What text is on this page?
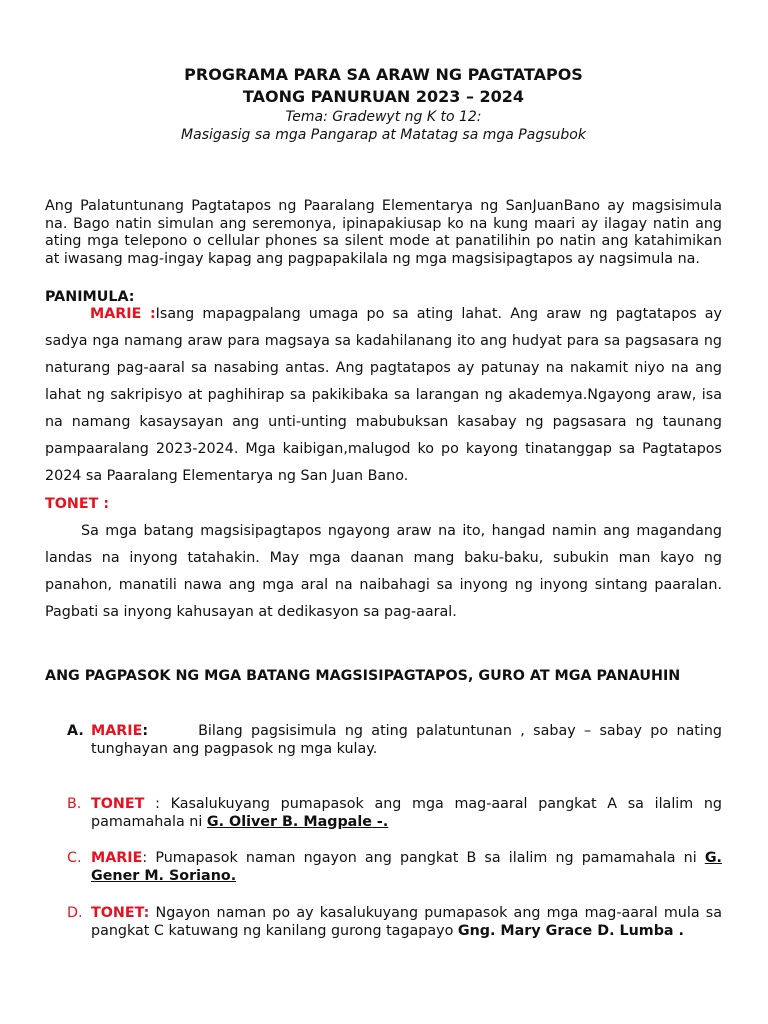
PROGRAMA PARA SA ARAW NG PAGTATAPOS
TAONG PANURUAN 2023 – 2024
Tema: Gradewyt ng K to 12:
Masigasig sa mga Pangarap at Matatag sa mga Pagsubok

Ang Palatuntunang Pagtatapos ng Paaralang Elementarya ng SanJuanBano ay magsisimula na. Bago natin simulan ang seremonya, ipinapakiusap ko na kung maari ay ilagay natin ang ating mga telepono o cellular phones sa silent mode at panatilihin po natin ang katahimikan at iwasang mag-ingay kapag ang pagpapakilala ng mga magsisipagtapos ay nagsimula na.

PANIMULA:

MARIE :Isang mapagpalang umaga po sa ating lahat. Ang araw ng pagtatapos ay sadya nga namang araw para magsaya sa kadahilanang ito ang hudyat para sa pagsasara ng naturang pag-aaral sa nasabing antas. Ang pagtatapos ay patunay na nakamit niyo na ang lahat ng sakripisyo at paghihirap sa pakikibaka sa larangan ng akademya.Ngayong araw, isa na namang kasaysayan ang unti-unting mabubuksan kasabay ng pagsasara ng taunang pampaaralang 2023-2024. Mga kaibigan,malugod ko po kayong tinatanggap sa Pagtatapos 2024 sa Paaralang Elementarya ng San Juan Bano.

TONET :

Sa mga batang magsisipagtapos ngayong araw na ito, hangad namin ang magandang landas na inyong tatahakin. May mga daanan mang baku-baku, subukin man kayo ng panahon, manatili nawa ang mga aral na naibahagi sa inyong ng inyong sintang paaralan. Pagbati sa inyong kahusayan at dedikasyon sa pag-aaral.

ANG PAGPASOK NG MGA BATANG MAGSISIPAGTAPOS, GURO AT MGA PANAUHIN

A. MARIE:      Bilang pagsisimula ng ating palatuntunan , sabay – sabay po nating tunghayan ang pagpasok ng mga kulay.
B. TONET : Kasalukuyang pumapasok ang mga mag-aaral pangkat A sa ilalim ng pamamahala ni G. Oliver B. Magpale -.
C. MARIE: Pumapasok naman ngayon ang pangkat B sa ilalim ng pamamahala ni G. Gener M. Soriano.
D. TONET: Ngayon naman po ay kasalukuyang pumapasok ang mga mag-aaral mula sa pangkat C katuwang ng kanilang gurong tagapayo Gng. Mary Grace D. Lumba .
